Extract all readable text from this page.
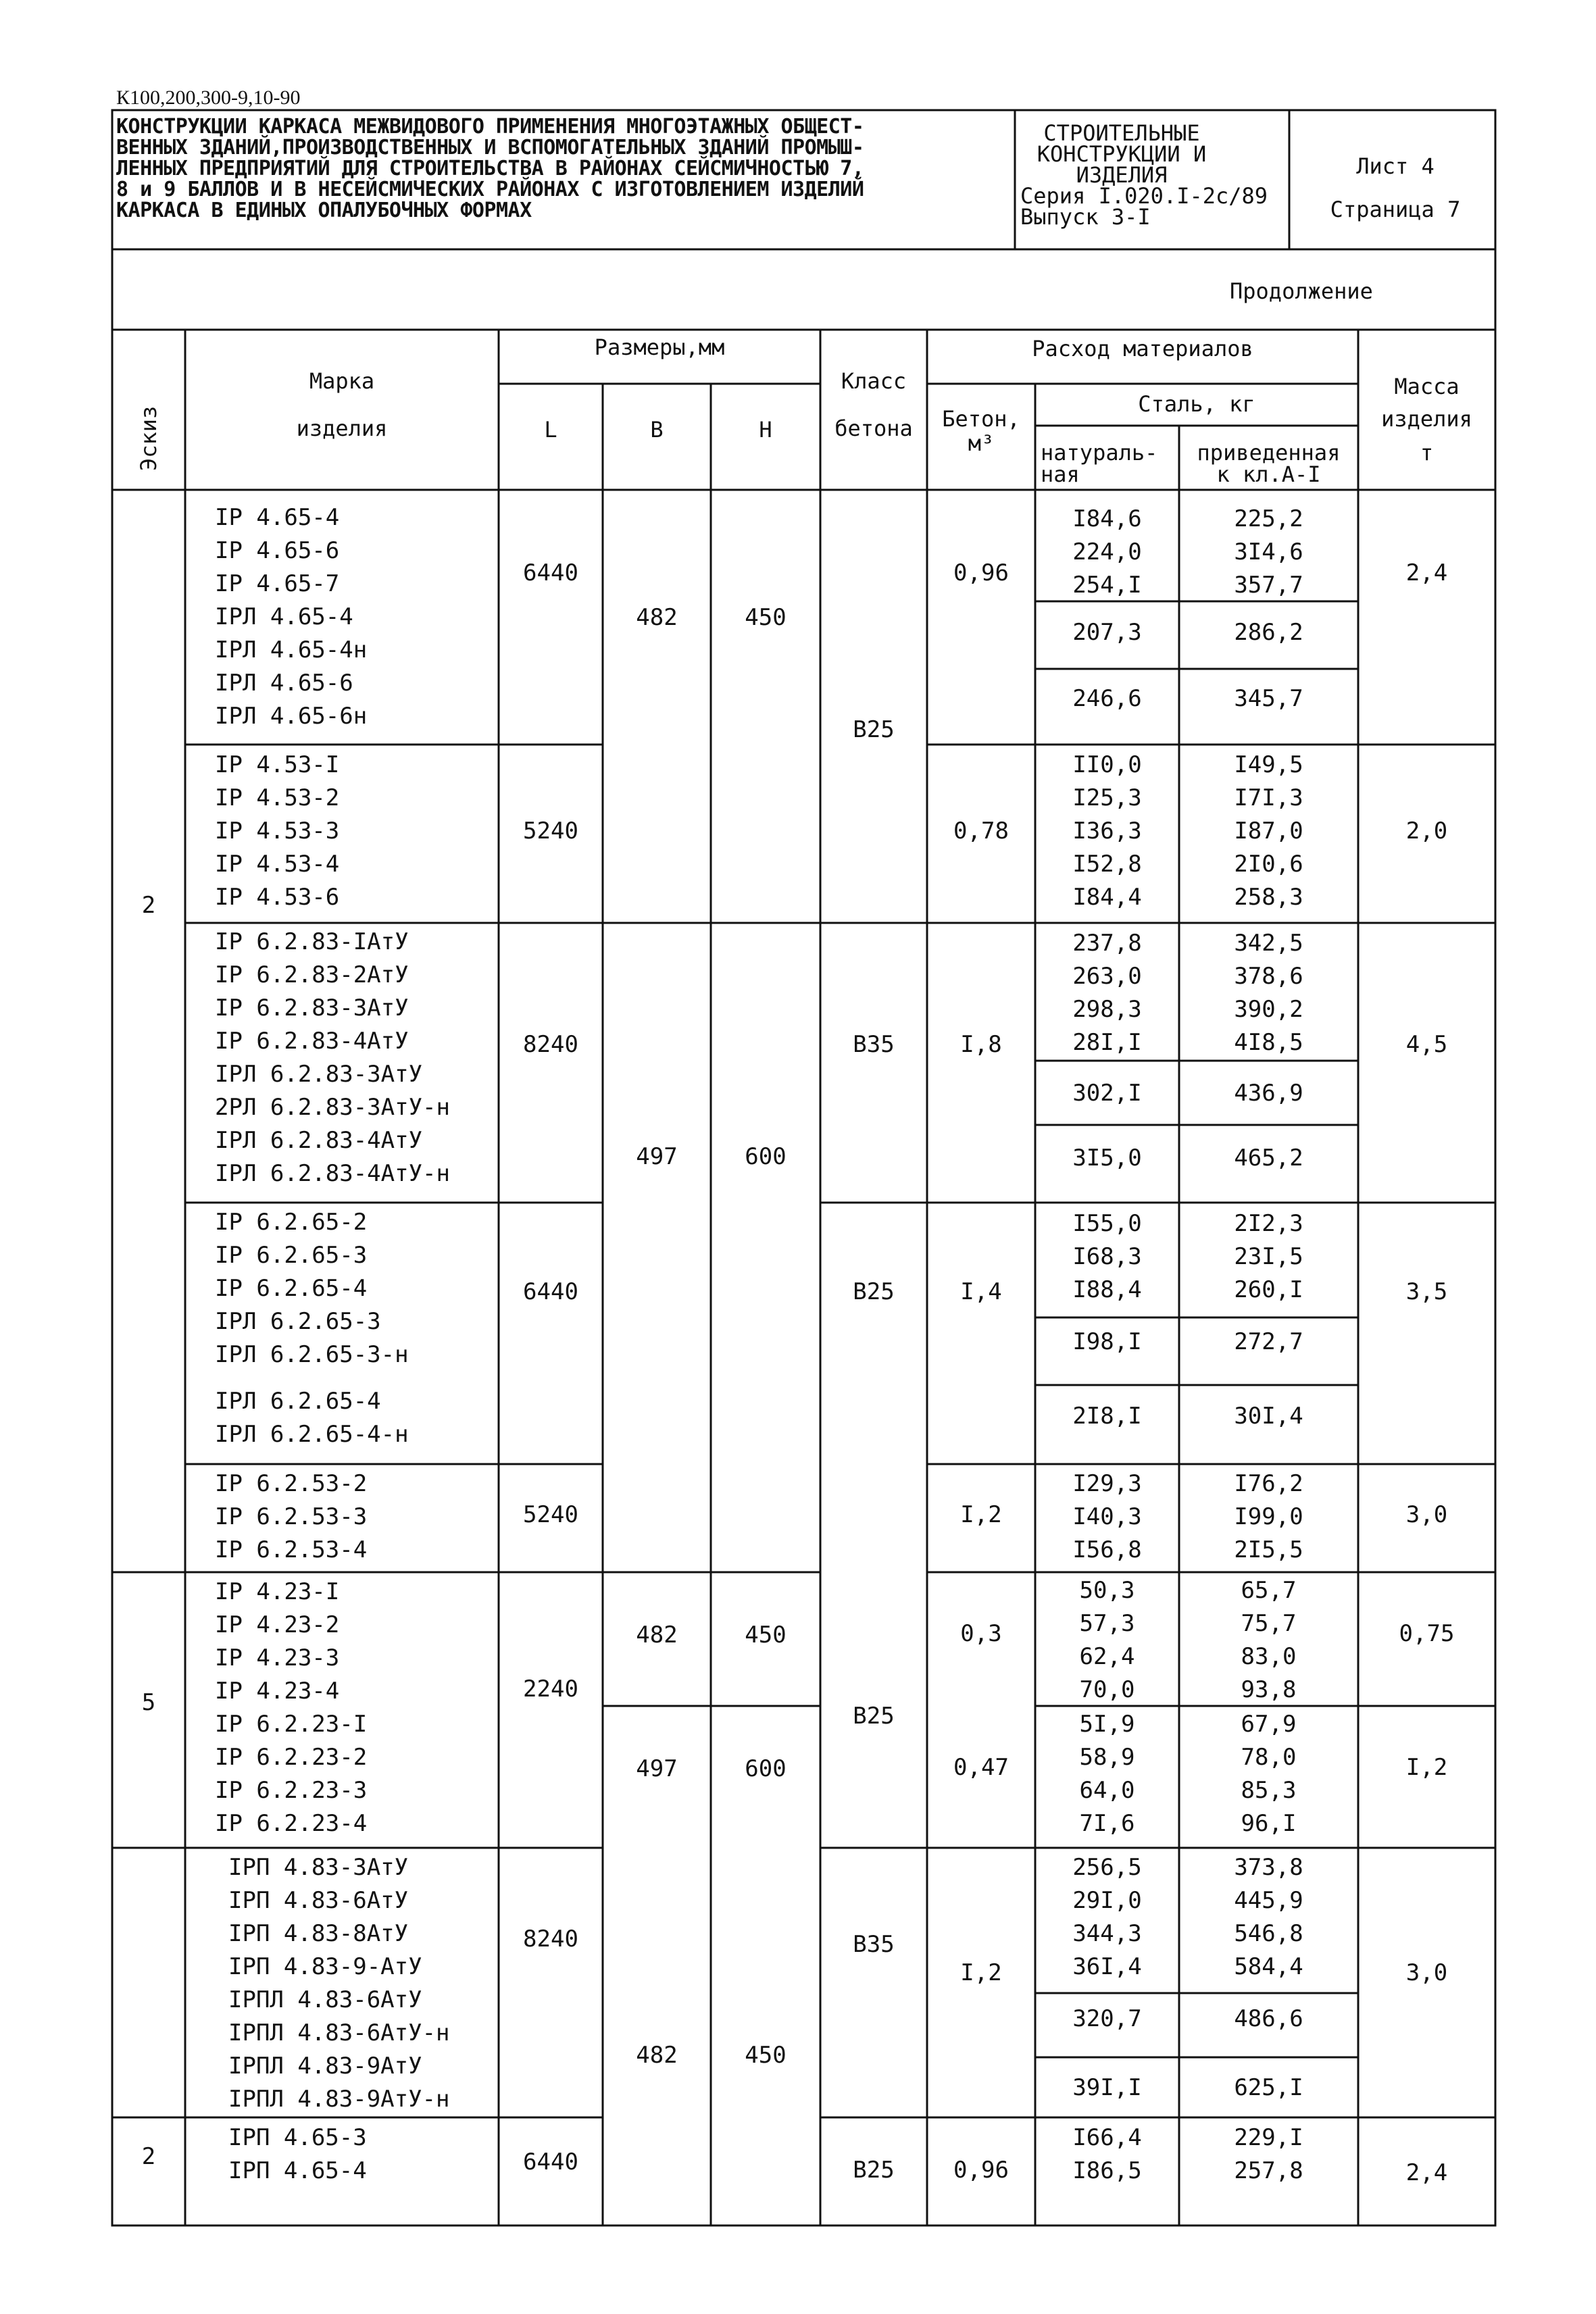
К100,200,300-9,10-90
КОНСТРУКЦИИ КАРКАСА МЕЖВИДОВОГО ПРИМЕНЕНИЯ МНОГОЭТАЖНЫХ ОБЩЕСТ-
ВЕННЫХ ЗДАНИЙ,ПРОИЗВОДСТВЕННЫХ И ВСПОМОГАТЕЛЬНЫХ ЗДАНИЙ ПРОМЫШ-
ЛЕННЫХ ПРЕДПРИЯТИЙ ДЛЯ СТРОИТЕЛЬСТВА В РАЙОНАХ СЕЙСМИЧНОСТЬЮ 7,
8 и 9 БАЛЛОВ И В НЕСЕЙСМИЧЕСКИХ РАЙОНАХ С ИЗГОТОВЛЕНИЕМ ИЗДЕЛИЙ
КАРКАСА В ЕДИНЫХ ОПАЛУБОЧНЫХ ФОРМАХ
СТРОИТЕЛЬНЫЕ
КОНСТРУКЦИИ И
ИЗДЕЛИЯ
Серия I.020.I-2с/89
Выпуск 3-I
Лист 4
Страница 7
Продолжение
Эскиз
Марка
изделия
Размеры,мм
L	В	Н
Класс
бетона
Расход материалов
Бетон,
м³
Сталь, кг
натураль-
ная
приведенная
к кл.А-I
Масса
изделия
т
2
5
2
IР 4.65-4
IР 4.65-6
IР 4.65-7
IРЛ 4.65-4
IРЛ 4.65-4н
IРЛ 4.65-6
IРЛ 4.65-6н
IР 4.53-I
IР 4.53-2
IР 4.53-3
IР 4.53-4
IР 4.53-6
IР 6.2.83-IАтУ
IР 6.2.83-2АтУ
IР 6.2.83-3АтУ
IР 6.2.83-4АтУ
IРЛ 6.2.83-3АтУ
2РЛ 6.2.83-3АтУ-н
IРЛ 6.2.83-4АтУ
IРЛ 6.2.83-4АтУ-н
IР 6.2.65-2
IР 6.2.65-3
IР 6.2.65-4
IРЛ 6.2.65-3
IРЛ 6.2.65-3-н
IРЛ 6.2.65-4
IРЛ 6.2.65-4-н
IР 6.2.53-2
IР 6.2.53-3
IР 6.2.53-4
IР 4.23-I
IР 4.23-2
IР 4.23-3
IР 4.23-4
IР 6.2.23-I
IР 6.2.23-2
IР 6.2.23-3
IР 6.2.23-4
IРП 4.83-3АтУ
IРП 4.83-6АтУ
IРП 4.83-8АтУ
IРП 4.83-9-АтУ
IРПЛ 4.83-6АтУ
IРПЛ 4.83-6АтУ-н
IРПЛ 4.83-9АтУ
IРПЛ 4.83-9АтУ-н
IРП 4.65-3
IРП 4.65-4
6440
5240
8240
6440
5240
2240
8240
6440
482
497
482
497
482
450
600
450
600
450
В25
В35
В25
В25
В35
В25
0,96
0,78
I,8
I,4
I,2
0,3
0,47
I,2
0,96
I84,6
224,0
254,I
207,3
246,6
II0,0
I25,3
I36,3
I52,8
I84,4
237,8
263,0
298,3
28I,I
302,I
3I5,0
I55,0
I68,3
I88,4
I98,I
2I8,I
I29,3
I40,3
I56,8
50,3
57,3
62,4
70,0
5I,9
58,9
64,0
7I,6
256,5
29I,0
344,3
36I,4
320,7
39I,I
I66,4
I86,5
225,2
3I4,6
357,7
286,2
345,7
I49,5
I7I,3
I87,0
2I0,6
258,3
342,5
378,6
390,2
4I8,5
436,9
465,2
2I2,3
23I,5
260,I
272,7
30I,4
I76,2
I99,0
2I5,5
65,7
75,7
83,0
93,8
67,9
78,0
85,3
96,I
373,8
445,9
546,8
584,4
486,6
625,I
229,I
257,8
2,4
2,0
4,5
3,5
3,0
0,75
I,2
3,0
2,4
